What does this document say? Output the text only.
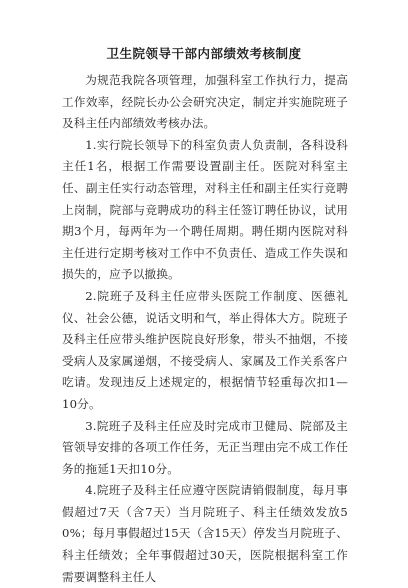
卫生院领导干部内部绩效考核制度

为规范我院各项管理，加强科室工作执行力，提高工作效率，经院长办公会研究决定，制定并实施院班子及科主任内部绩效考核办法。

1.实行院长领导下的科室负责人负责制，各科设科主任1名，根据工作需要设置副主任。医院对科室主任、副主任实行动态管理，对科主任和副主任实行竞聘上岗制，院部与竞聘成功的科主任签订聘任协议，试用期3个月，每两年为一个聘任周期。聘任期内医院对科主任进行定期考核对工作中不负责任、造成工作失误和损失的，应予以撤换。

2.院班子及科主任应带头医院工作制度、医德礼仪、社会公德，说话文明和气，举止得体大方。院班子及科主任应带头维护医院良好形象，带头不抽烟，不接受病人及家属递烟，不接受病人、家属及工作关系客户吃请。发现违反上述规定的，根据情节轻重每次扣1—10分。

3.院班子及科主任应及时完成市卫健局、院部及主管领导安排的各项工作任务，无正当理由完不成工作任务的拖延1天扣10分。

4.院班子及科主任应遵守医院请销假制度，每月事假超过7天（含7天）当月院班子、科主任绩效发放50%；每月事假超过15天（含15天）停发当月院班子、科主任绩效；全年事假超过30天，医院根据科室工作需要调整科主任人
